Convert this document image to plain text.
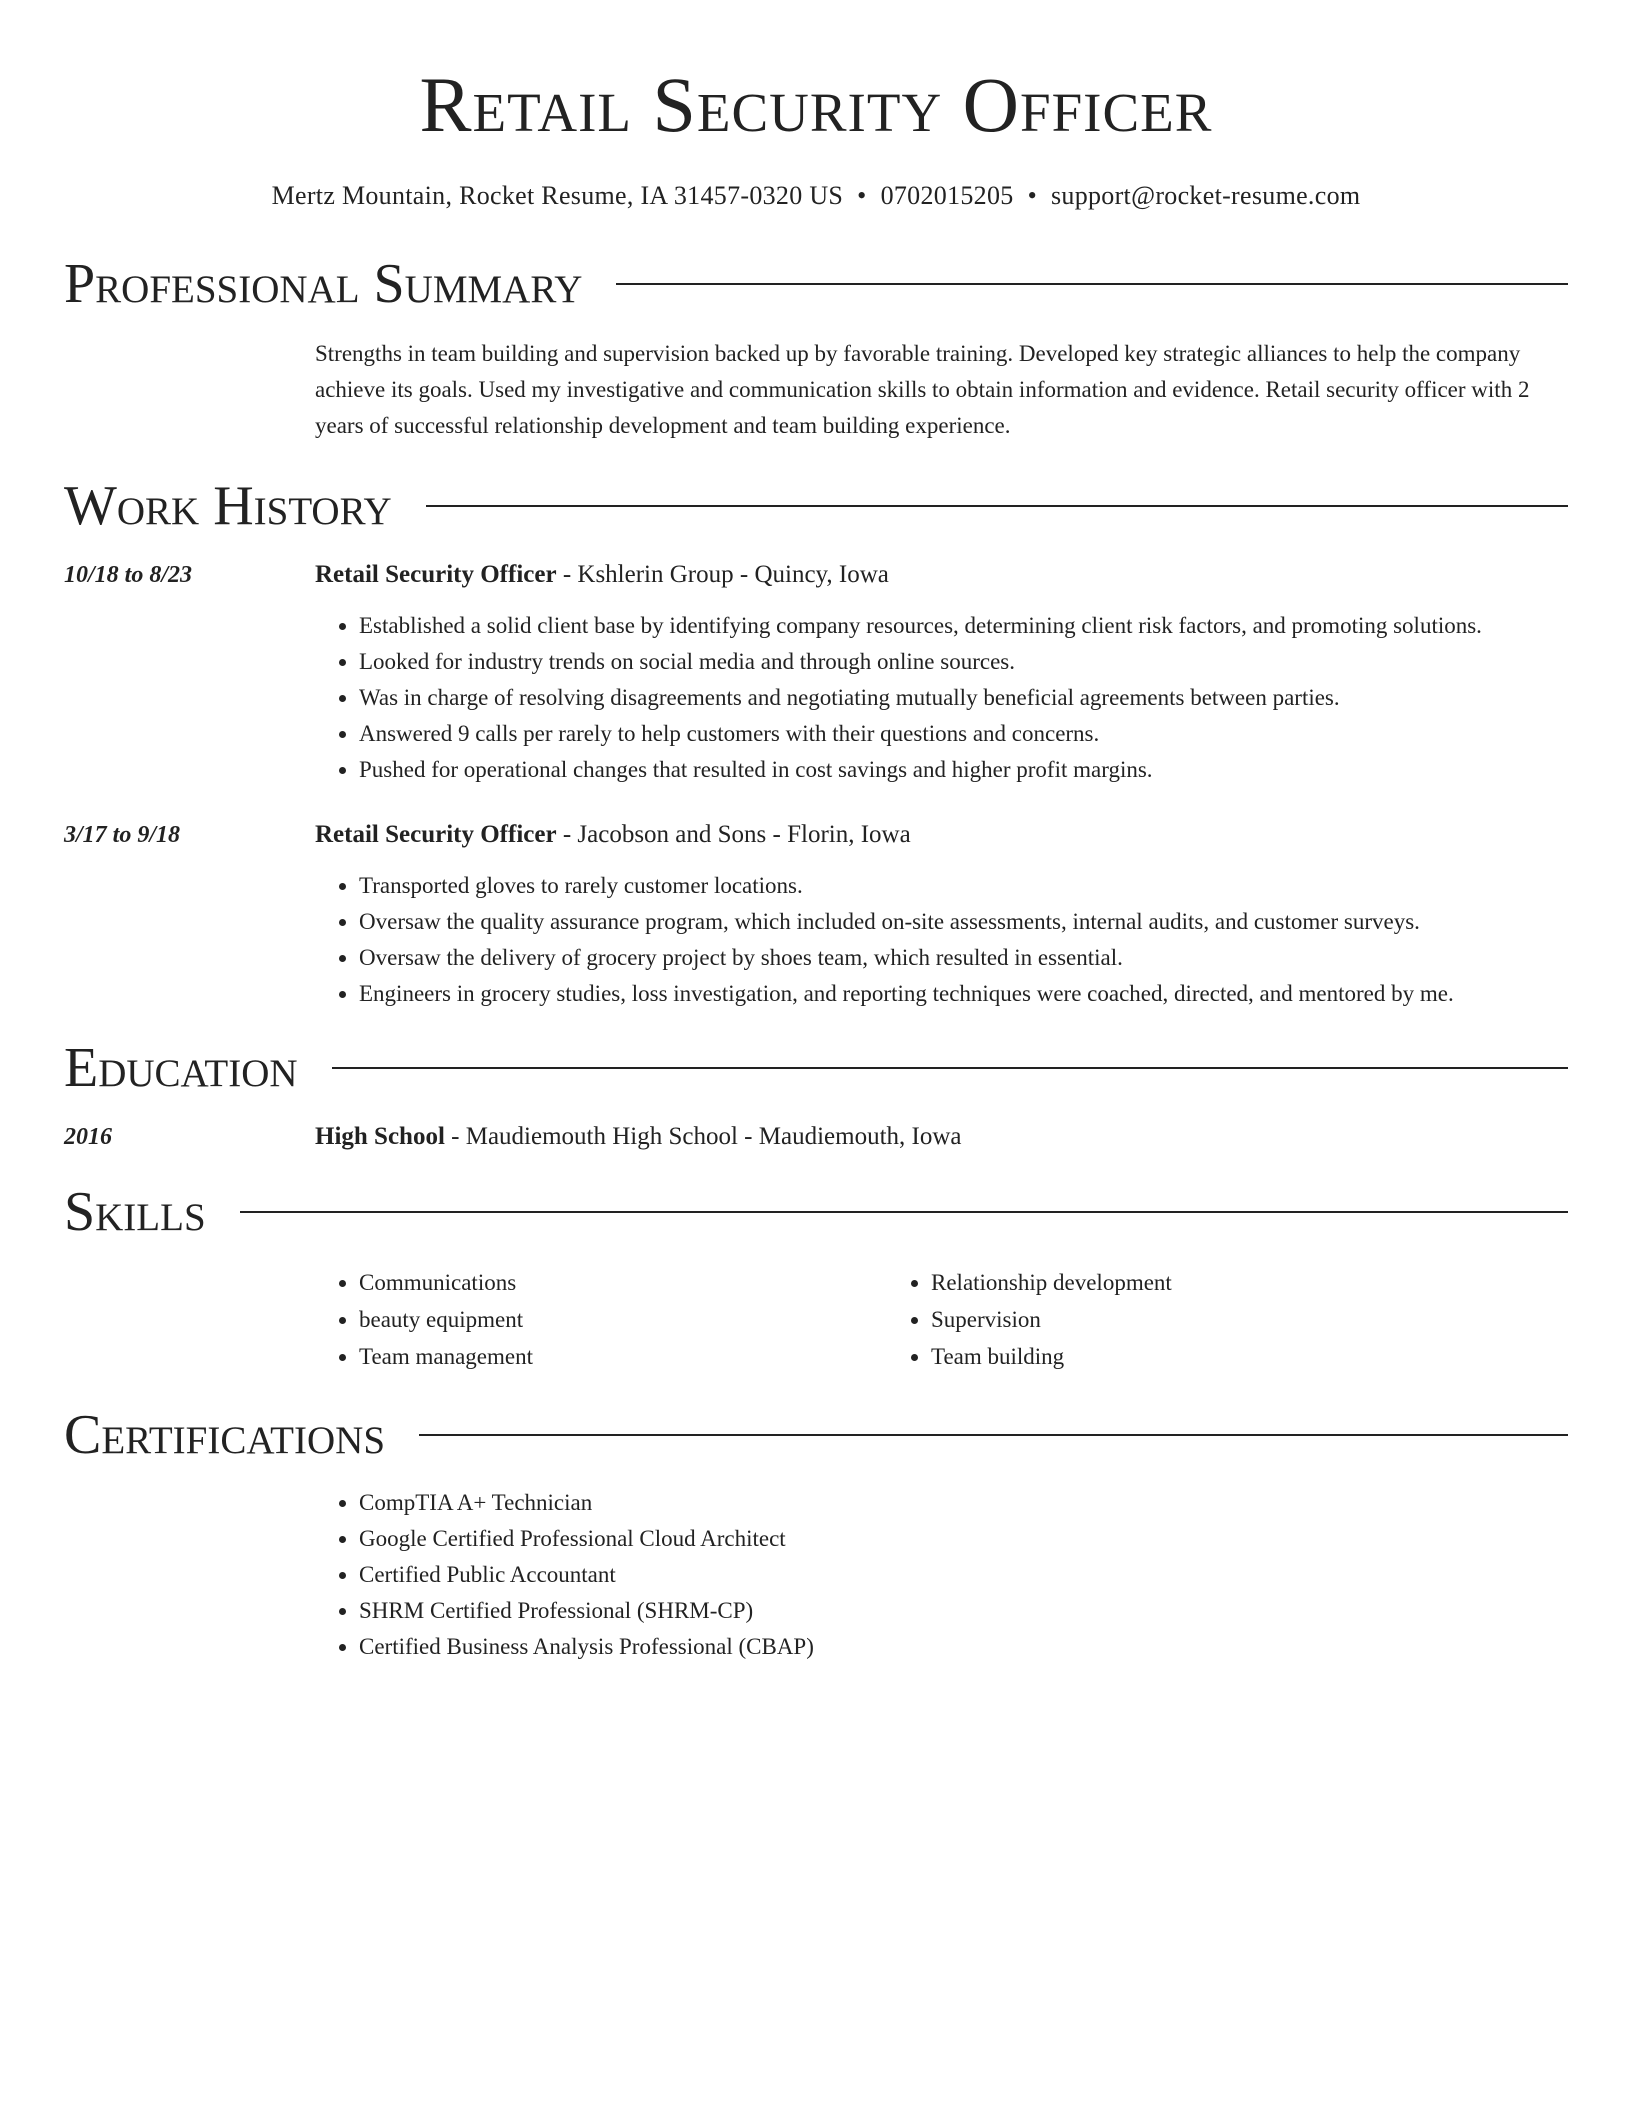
Retail Security Officer
Mertz Mountain, Rocket Resume, IA 31457-0320 US • 0702015205 • support@rocket-resume.com
Professional Summary
Strengths in team building and supervision backed up by favorable training. Developed key strategic alliances to help the company achieve its goals. Used my investigative and communication skills to obtain information and evidence. Retail security officer with 2 years of successful relationship development and team building experience.
Work History
10/18 to 8/23	Retail Security Officer - Kshlerin Group - Quincy, Iowa
• Established a solid client base by identifying company resources, determining client risk factors, and promoting solutions.
• Looked for industry trends on social media and through online sources.
• Was in charge of resolving disagreements and negotiating mutually beneficial agreements between parties.
• Answered 9 calls per rarely to help customers with their questions and concerns.
• Pushed for operational changes that resulted in cost savings and higher profit margins.
3/17 to 9/18	Retail Security Officer - Jacobson and Sons - Florin, Iowa
• Transported gloves to rarely customer locations.
• Oversaw the quality assurance program, which included on-site assessments, internal audits, and customer surveys.
• Oversaw the delivery of grocery project by shoes team, which resulted in essential.
• Engineers in grocery studies, loss investigation, and reporting techniques were coached, directed, and mentored by me.
Education
2016	High School - Maudiemouth High School - Maudiemouth, Iowa
Skills
• Communications
• beauty equipment
• Team management
• Relationship development
• Supervision
• Team building
Certifications
• CompTIA A+ Technician
• Google Certified Professional Cloud Architect
• Certified Public Accountant
• SHRM Certified Professional (SHRM-CP)
• Certified Business Analysis Professional (CBAP)
